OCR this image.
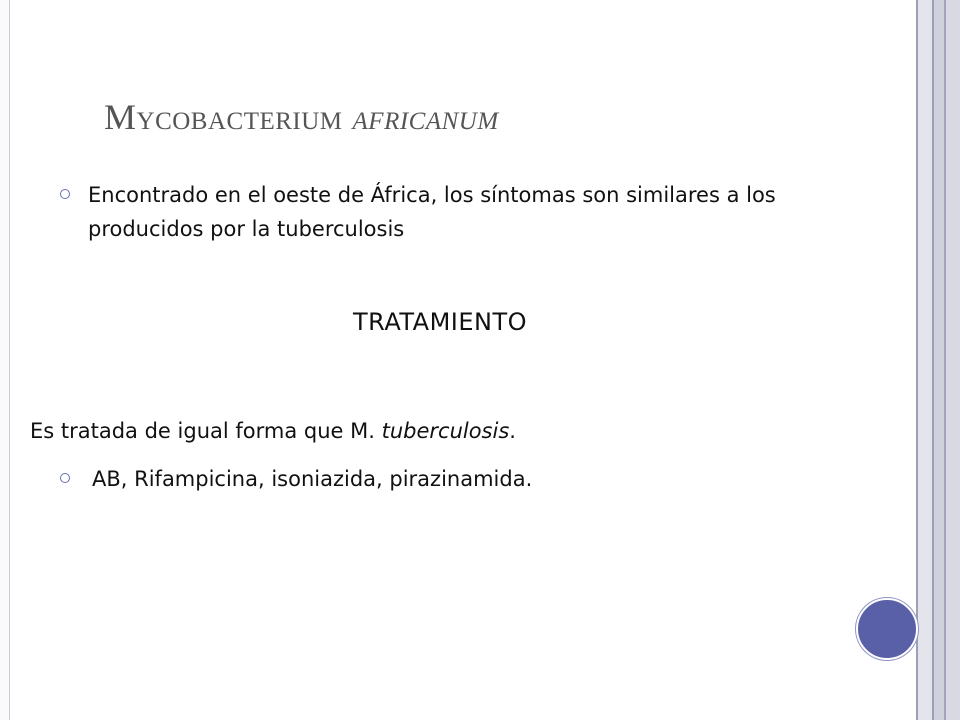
Mycobacterium africanum
Encontrado en el oeste de África, los síntomas son similares a los producidos por la tuberculosis
TRATAMIENTO
Es tratada de igual forma que M. tuberculosis.
AB, Rifampicina, isoniazida, pirazinamida.
